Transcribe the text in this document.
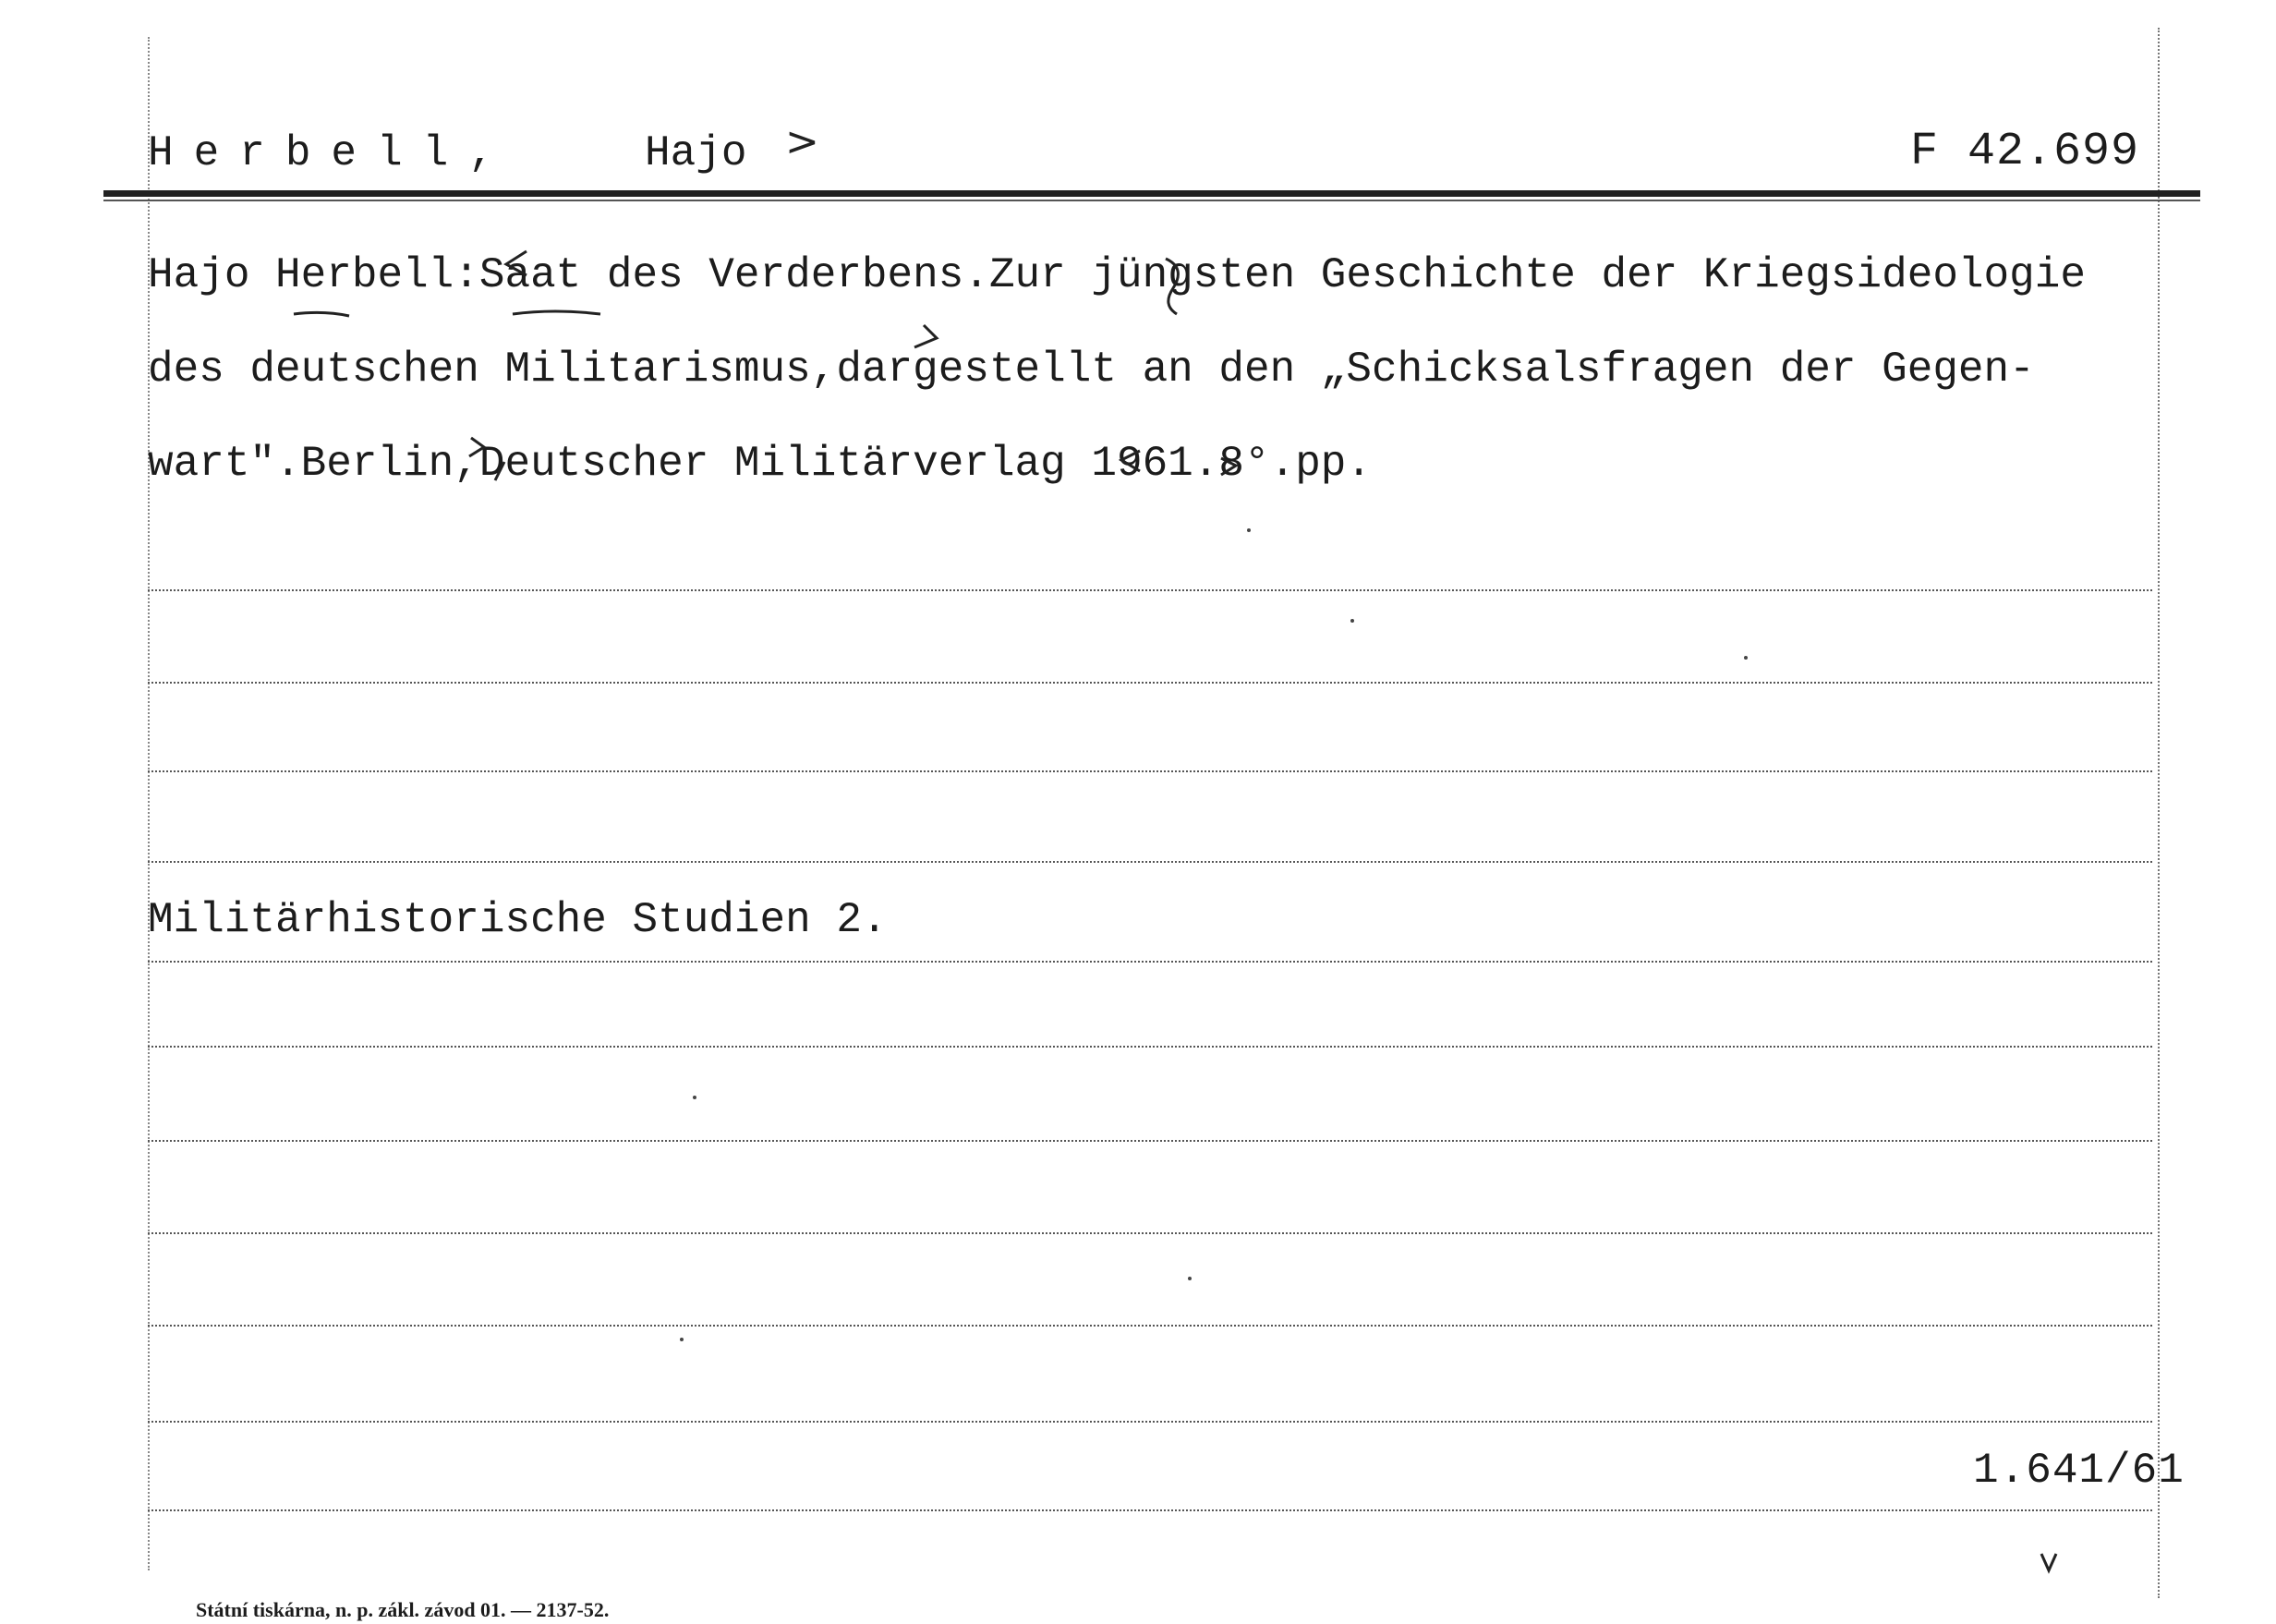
Herbell,	Hajo >	F 42.699
Hajo Herbell:Saat des Verderbens.Zur jüngsten Geschichte der Kriegsideologie
des deutschen Militarismus,dargestellt an den „Schicksalsfragen der Gegen-
wart".Berlin,Deutscher Militärverlag 1961.8°.pp.
Militärhistorische Studien 2.
1.641/61
Státní tiskárna, n. p. zákl. závod 01. — 2137-52.
